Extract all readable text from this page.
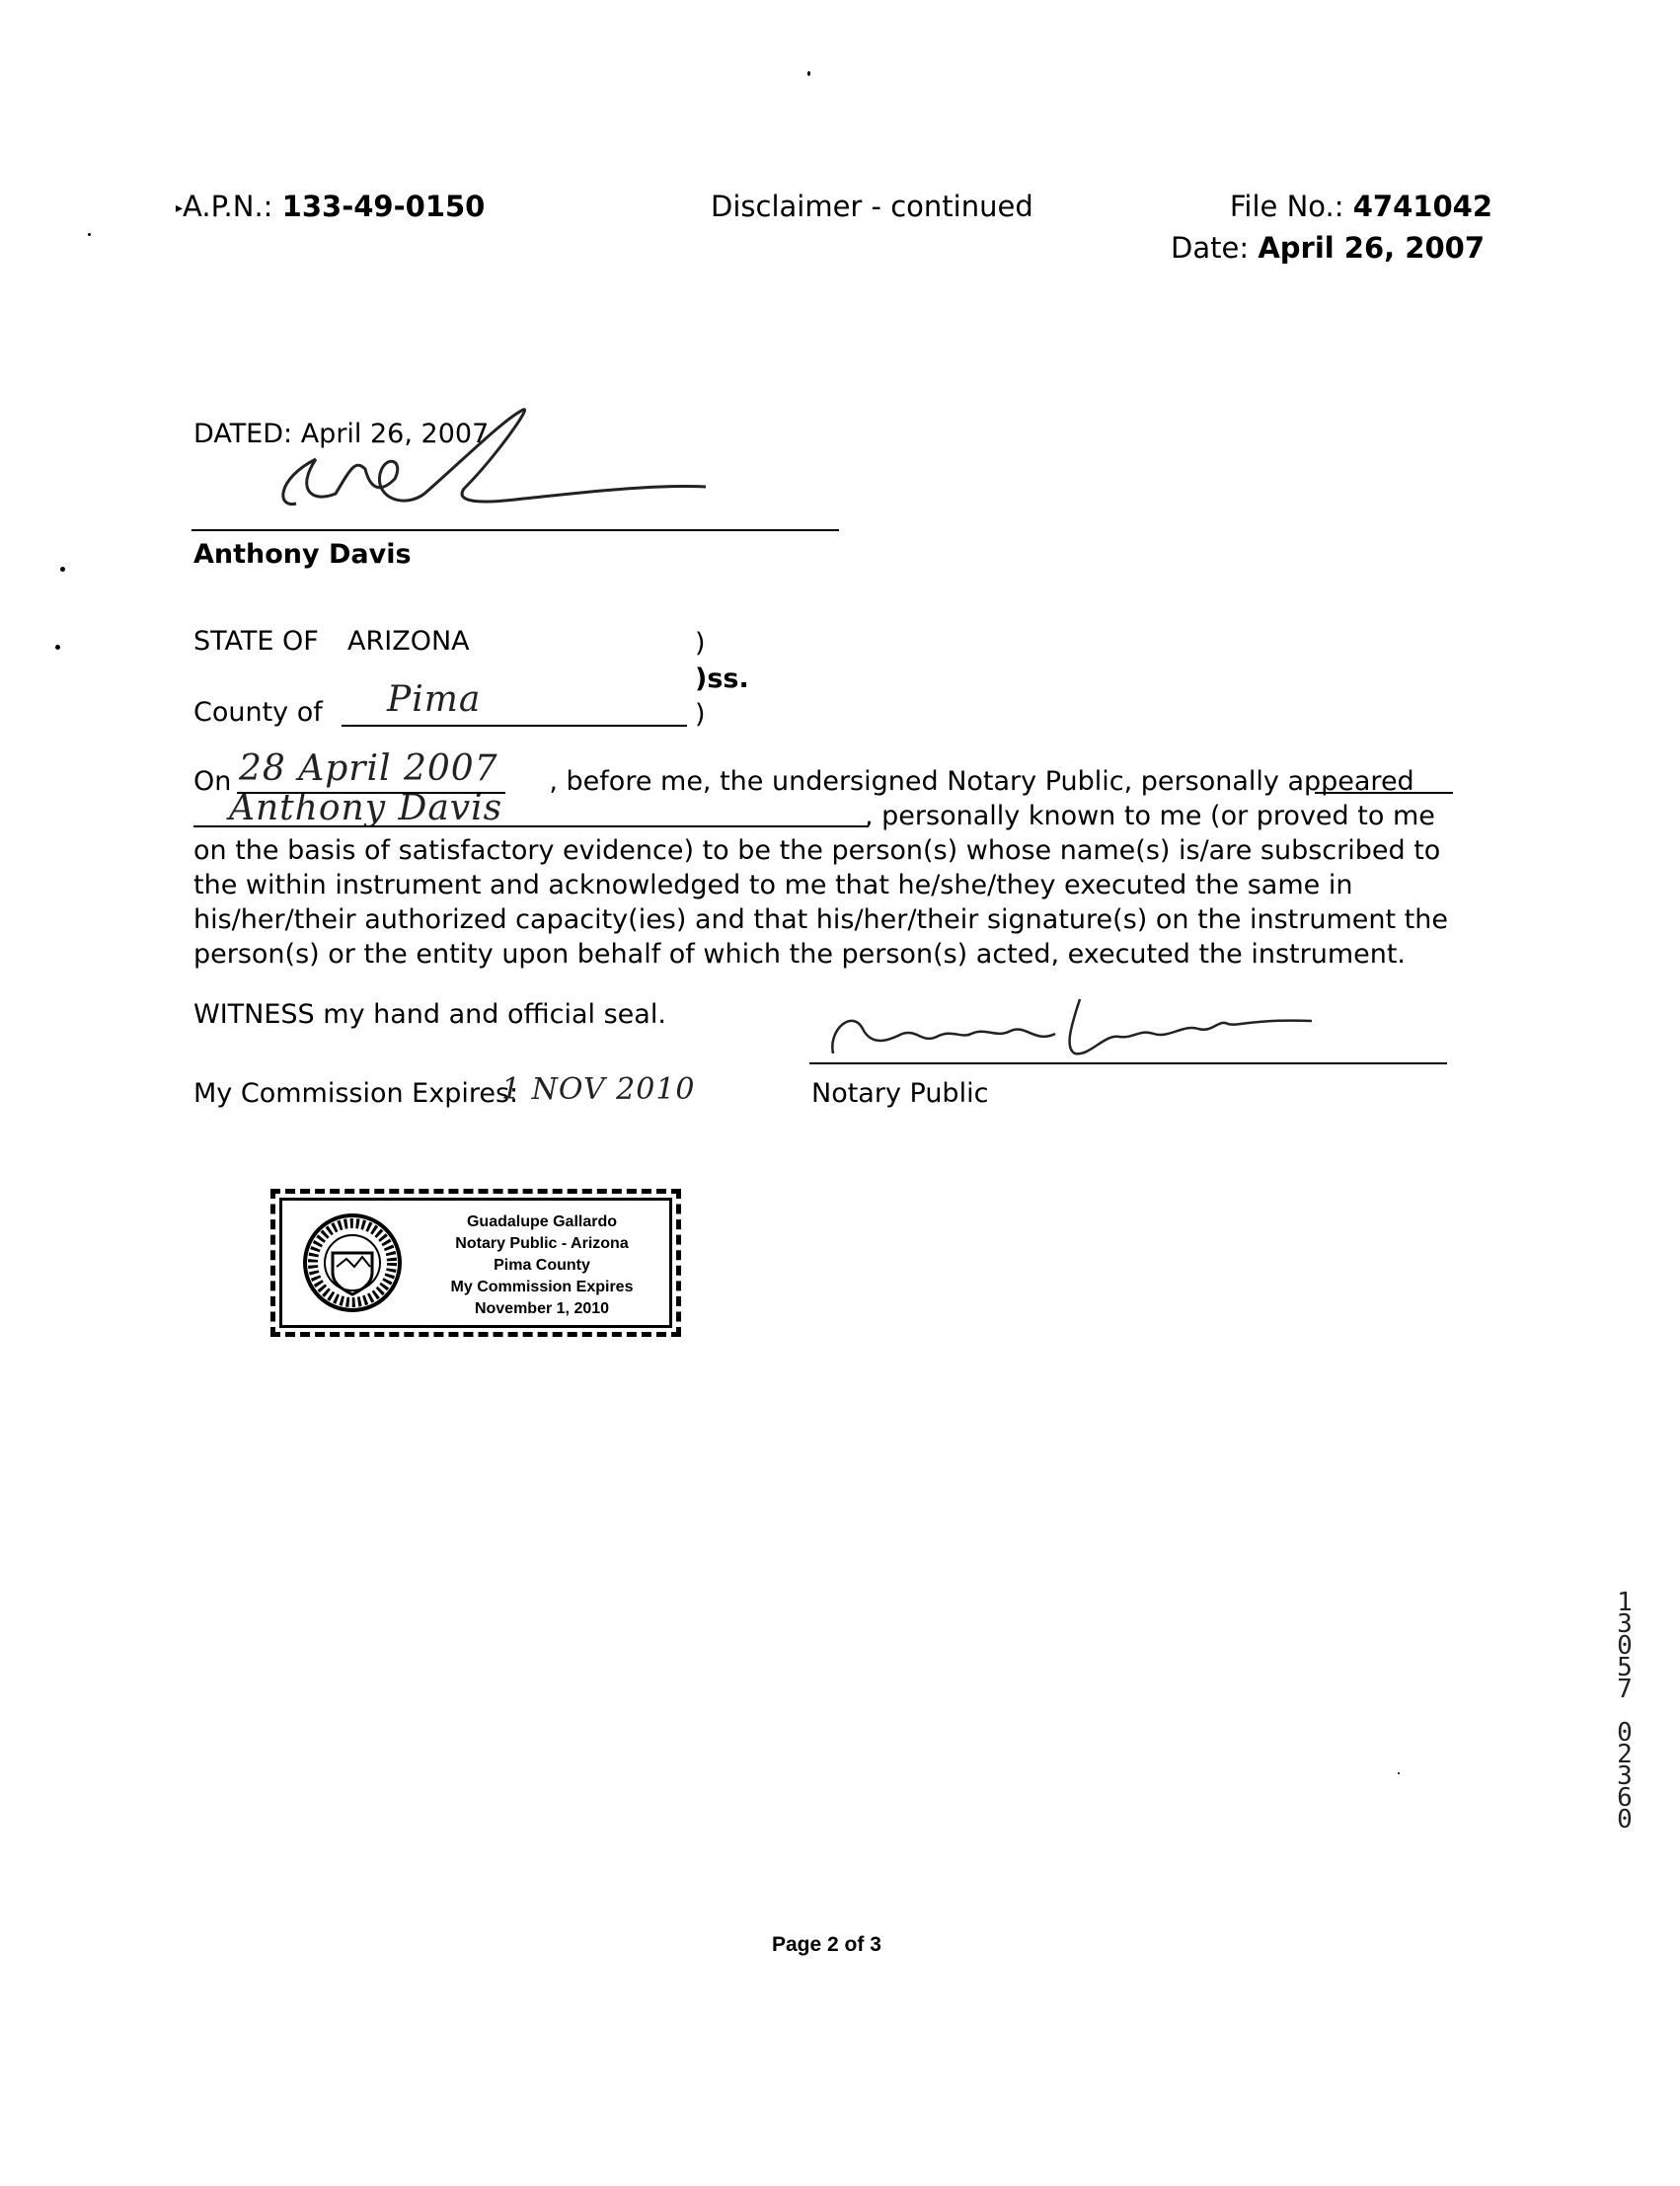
▸A.P.N.: 133-49-0150	Disclaimer - continued	File No.: 4741042
Date: April 26, 2007
DATED: April 26, 2007
Anthony Davis
STATE OF ARIZONA	)
)ss.
County of Pima	)
28 April 2007
Anthony Davis
On	, before me, the undersigned Notary Public, personally appeared
, personally known to me (or proved to me on the basis of satisfactory evidence) to be the person(s) whose name(s) is/are subscribed to the within instrument and acknowledged to me that he/she/they executed the same in his/her/their authorized capacity(ies) and that his/her/their signature(s) on the instrument the person(s) or the entity upon behalf of which the person(s) acted, executed the instrument.
WITNESS my hand and official seal.
My Commission Expires:
1 NOV 2010	Notary Public
Guadalupe Gallardo
Notary Public - Arizona
Pima County
My Commission Expires
November 1, 2010
1
3
0
5
7

0
2
3
6
0
Page 2 of 3
